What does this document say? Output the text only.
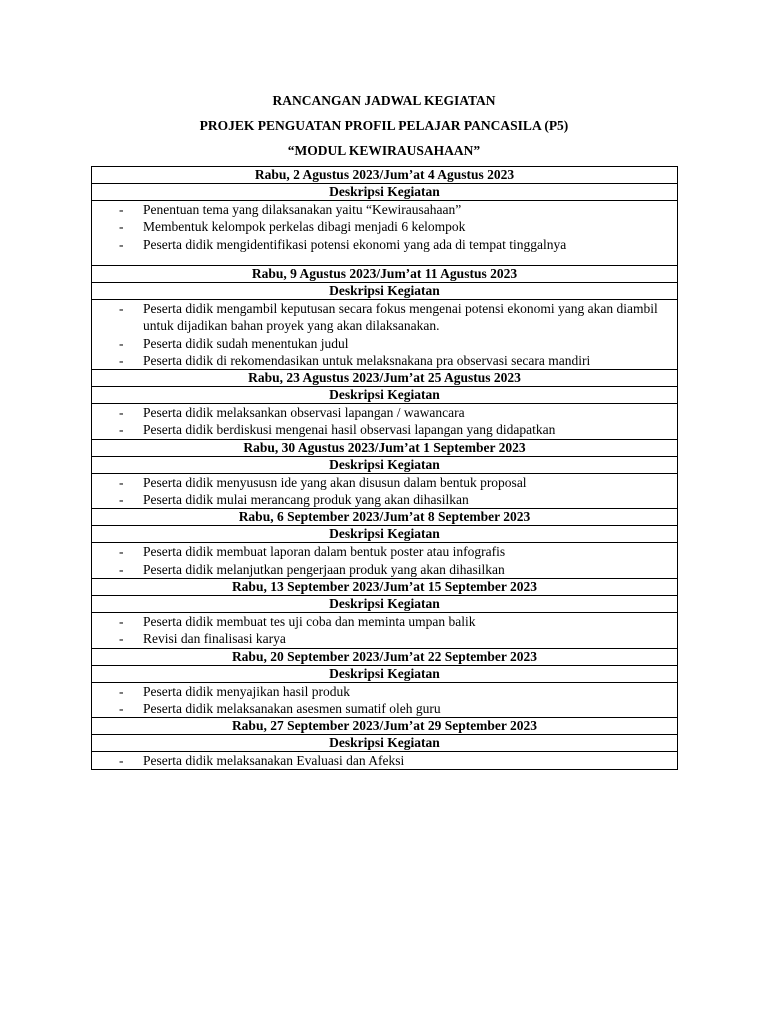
RANCANGAN JADWAL KEGIATAN
PROJEK PENGUATAN PROFIL PELAJAR PANCASILA (P5)
“MODUL KEWIRAUSAHAAN”
Rabu, 2 Agustus 2023/Jum’at 4 Agustus 2023
Deskripsi Kegiatan

- Penentuan tema yang dilaksanakan yaitu “Kewirausahaan”
- Membentuk kelompok perkelas dibagi menjadi 6 kelompok
- Peserta didik mengidentifikasi potensi ekonomi yang ada di tempat tinggalnya

Rabu, 9 Agustus 2023/Jum’at 11 Agustus 2023
Deskripsi Kegiatan

- Peserta didik mengambil keputusan secara fokus mengenai potensi ekonomi yang akan diambil untuk dijadikan bahan proyek yang akan dilaksanakan.
- Peserta didik sudah menentukan judul
- Peserta didik di rekomendasikan untuk melaksnakana pra observasi secara mandiri

Rabu, 23 Agustus 2023/Jum’at 25 Agustus 2023
Deskripsi Kegiatan

- Peserta didik melaksankan observasi lapangan / wawancara
- Peserta didik berdiskusi mengenai hasil observasi lapangan yang didapatkan

Rabu, 30 Agustus 2023/Jum’at 1 September 2023
Deskripsi Kegiatan

- Peserta didik menyususn ide yang akan disusun dalam bentuk proposal
- Peserta didik mulai merancang produk yang akan dihasilkan

Rabu, 6 September 2023/Jum’at 8 September 2023
Deskripsi Kegiatan

- Peserta didik membuat laporan dalam bentuk poster atau infografis
- Peserta didik melanjutkan pengerjaan produk yang akan dihasilkan

Rabu, 13 September 2023/Jum’at 15 September 2023
Deskripsi Kegiatan

- Peserta didik membuat tes uji coba dan meminta umpan balik
- Revisi dan finalisasi karya

Rabu, 20 September 2023/Jum’at 22 September 2023
Deskripsi Kegiatan

- Peserta didik menyajikan hasil produk
- Peserta didik melaksanakan asesmen sumatif oleh guru

Rabu, 27 September 2023/Jum’at 29 September 2023
Deskripsi Kegiatan

- Peserta didik melaksanakan Evaluasi dan Afeksi
